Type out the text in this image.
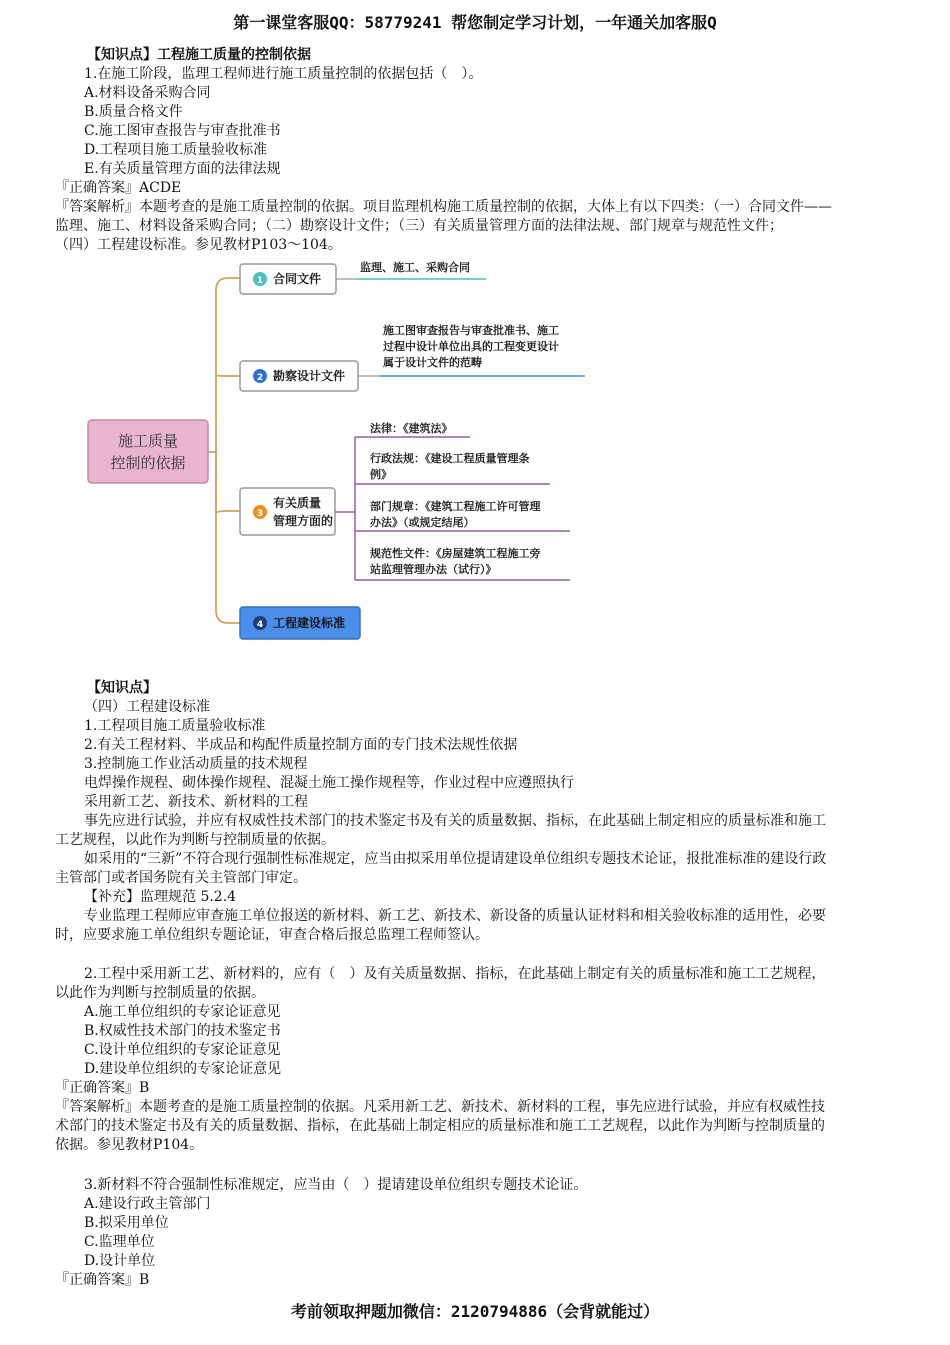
第一课堂客服QQ：58779241 帮您制定学习计划，一年通关加客服Q
【知识点】工程施工质量的控制依据
1.在施工阶段，监理工程师进行施工质量控制的依据包括（　）。
A.材料设备采购合同
B.质量合格文件
C.施工图审查报告与审查批准书
D.工程项目施工质量验收标准
E.有关质量管理方面的法律法规
『正确答案』ACDE
『答案解析』本题考查的是施工质量控制的依据。项目监理机构施工质量控制的依据，大体上有以下四类：（一）合同文件——
监理、施工、材料设备采购合同；（二）勘察设计文件；（三）有关质量管理方面的法律法规、部门规章与规范性文件；
（四）工程建设标准。参见教材P103～104。
施工质量
控制的依据
1 合同文件
监理、施工、采购合同
2 勘察设计文件
施工图审查报告与审查批准书、施工
过程中设计单位出具的工程变更设计
属于设计文件的范畴
3
有关质量
管理方面的
法律：《建筑法》
行政法规：《建设工程质量管理条
例》
部门规章：《建筑工程施工许可管理
办法》（或规定结尾）
规范性文件：《房屋建筑工程施工旁
站监理管理办法（试行）》
4 工程建设标准
【知识点】
（四）工程建设标准
1.工程项目施工质量验收标准
2.有关工程材料、半成品和构配件质量控制方面的专门技术法规性依据
3.控制施工作业活动质量的技术规程
电焊操作规程、砌体操作规程、混凝土施工操作规程等，作业过程中应遵照执行
采用新工艺、新技术、新材料的工程
事先应进行试验，并应有权威性技术部门的技术鉴定书及有关的质量数据、指标，在此基础上制定相应的质量标准和施工
工艺规程，以此作为判断与控制质量的依据。
如采用的“三新”不符合现行强制性标准规定，应当由拟采用单位提请建设单位组织专题技术论证，报批准标准的建设行政
主管部门或者国务院有关主管部门审定。
【补充】监理规范 5.2.4
专业监理工程师应审查施工单位报送的新材料、新工艺、新技术、新设备的质量认证材料和相关验收标准的适用性，必要
时，应要求施工单位组织专题论证，审查合格后报总监理工程师签认。
2.工程中采用新工艺、新材料的，应有（　）及有关质量数据、指标，在此基础上制定有关的质量标准和施工工艺规程，
以此作为判断与控制质量的依据。
A.施工单位组织的专家论证意见
B.权威性技术部门的技术鉴定书
C.设计单位组织的专家论证意见
D.建设单位组织的专家论证意见
『正确答案』B
『答案解析』本题考查的是施工质量控制的依据。凡采用新工艺、新技术、新材料的工程，事先应进行试验，并应有权威性技
术部门的技术鉴定书及有关的质量数据、指标，在此基础上制定相应的质量标准和施工工艺规程，以此作为判断与控制质量的
依据。参见教材P104。
3.新材料不符合强制性标准规定，应当由（　）提请建设单位组织专题技术论证。
A.建设行政主管部门
B.拟采用单位
C.监理单位
D.设计单位
『正确答案』B
考前领取押题加微信：2120794886（会背就能过）
